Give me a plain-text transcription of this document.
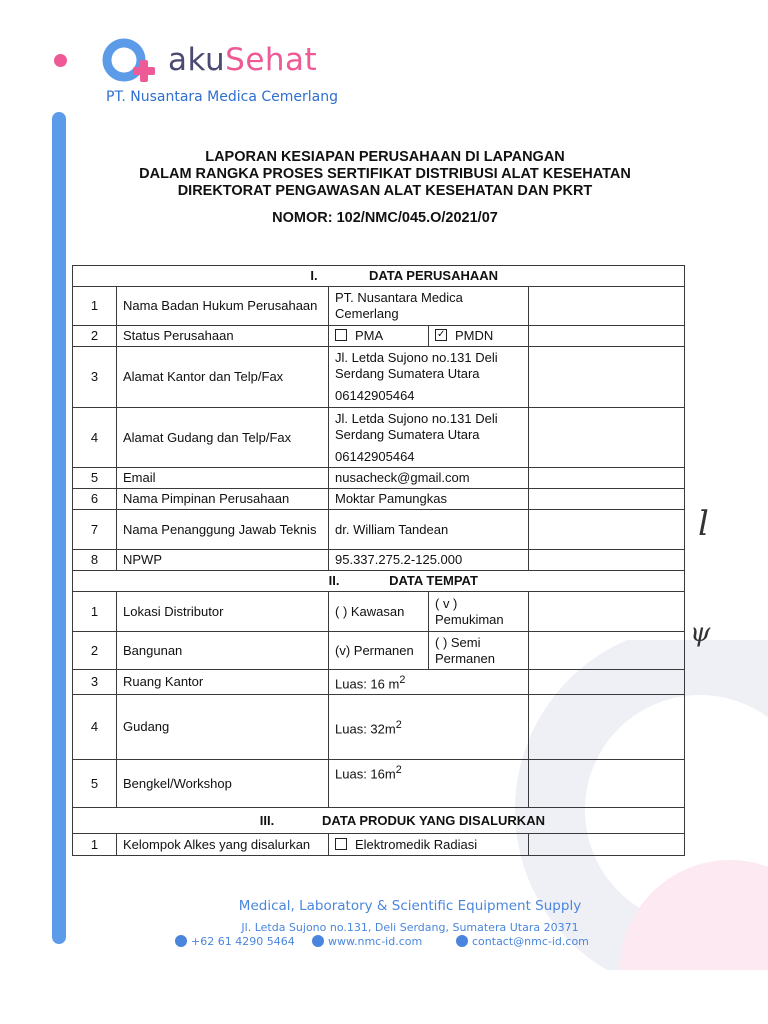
akuSehat
PT. Nusantara Medica Cemerlang
LAPORAN KESIAPAN PERUSAHAAN DI LAPANGAN
DALAM RANGKA PROSES SERTIFIKAT DISTRIBUSI ALAT KESEHATAN
DIREKTORAT PENGAWASAN ALAT KESEHATAN DAN PKRT
NOMOR: 102/NMC/045.O/2021/07
I. DATA PERUSAHAAN				
1	Nama Badan Hukum Perusahaan	PT. Nusantara Medica Cemerlang		
2	Status Perusahaan	PMA	✓PMDN	
3	Alamat Kantor dan Telp/Fax	Jl. Letda Sujono no.131 Deli Serdang Sumatera Utara
06142905464		

4	Alamat Gudang dan Telp/Fax	Jl. Letda Sujono no.131 Deli Serdang Sumatera Utara
06142905464		

5	Email	nusacheck@gmail.com		
6	Nama Pimpinan Perusahaan	Moktar Pamungkas		
7	Nama Penanggung Jawab Teknis	dr. William Tandean		
8	NPWP	95.337.275.2-125.000		
II. DATA TEMPAT				
1	Lokasi Distributor	( ) Kawasan	( v )
Pemukiman	

2	Bangunan	(v) Permanen	( ) Semi
Permanen	

3	Ruang Kantor	Luas: 16 $m^2$	
4	Gudang	Luas: $32m^2$	
5	Bengkel/Workshop	Luas: $16m^2$	
III. DATA PRODUK YANG DISALURKAN				
1	Kelompok Alkes yang disalurkan	Elektromedik Radiasi		
l
ψ
Medical, Laboratory & Scientific Equipment Supply
Jl. Letda Sujono no.131, Deli Serdang, Sumatera Utara 20371
+62 61 4290 5464	www.nmc-id.com	contact@nmc-id.com
